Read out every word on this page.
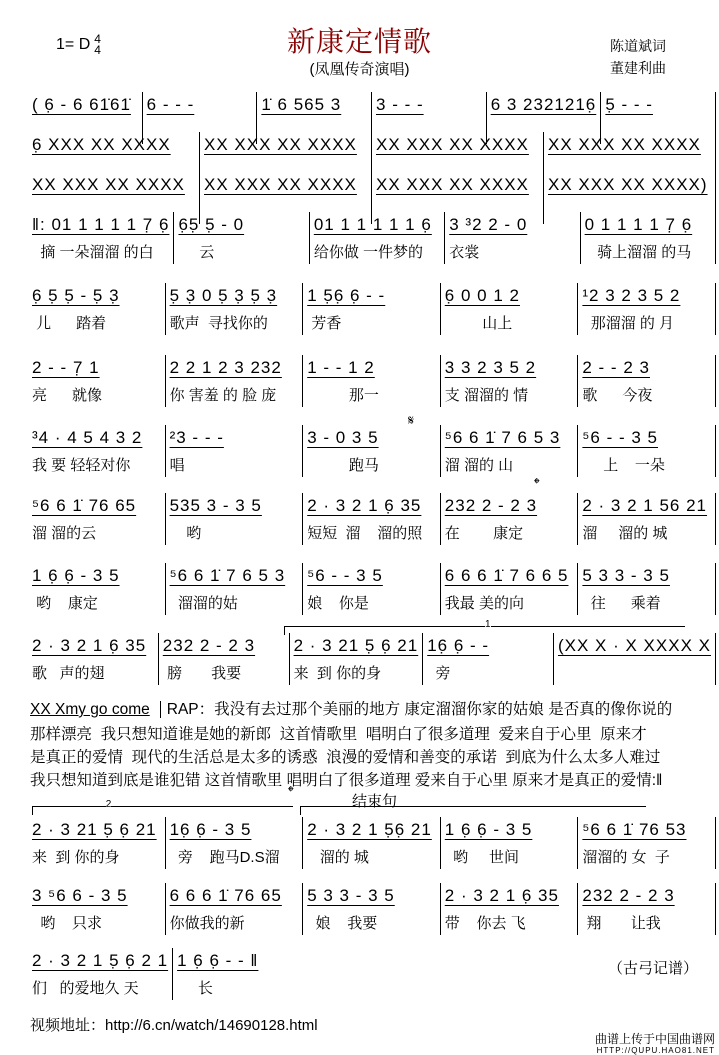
新康定情歌
(凤凰传奇演唱)
1= D 4
4	陈道斌词
董建利曲
( 6̣ - 6 61̇61̇ 6 - - -	1̇ 6 565 3	3 - - -	6 3 2321216̣ 5̣ - - -
6̣ XXX XX XXXX	XX XXX XX XXXX	XX XXX XX XXXX	XX XXX XX XXXX
XX XXX XX XXXX	XX XXX XX XXXX	XX XXX XX XXXX	XX XXX XX XXXX)
‖: 01 1 1 1 1 7̣ 6̣
摘 一朵溜溜 的白
6̣5̣ 5̣ - 0
云
01 1 1 1 1 1 6̣
给你做 一件梦的
3 ³2 2 - 0
衣裳
0 1 1 1 1 7̣ 6̣
骑上溜溜 的马
6̣ 5̣ 5̣ - 5̣ 3̣
儿      踏着
5̣ 3̣ 0 5̣ 3̣ 5̣ 3̣
歌声  寻找你的
1 5̣6̣ 6̣ - -
芳香
6̣ 0 0 1 2
山上
¹2 3 2 3 5 2
那溜溜 的 月
2 - - 7̣ 1
亮      就像
2 2 1 2 3 232
你 害羞 的 脸 庞
1 - - 1 2
那一
3 3 2 3 5 2
支 溜溜的 情
2 - - 2 3
歌      今夜
³4 · 4 5 4 3 2
我 要 轻轻对你
²3 - - -
唱
3 - 0 3 5
跑马
⁵6 6 1̇ 7 6 5 3
溜 溜的 山
⁵6 - - 3 5
上    一朵
⁵6 6 1̇ 76 65
溜 溜的云
535 3 - 3 5
哟
2 · 3 2 1 6̣ 35
短短  溜    溜的照
232 2 - 2 3
在        康定
2 · 3 2 1 56 21
溜     溜的 城
1 6̣ 6̣ - 3 5
哟    康定
⁵6 6 1̇ 7 6 5 3
溜溜的姑
⁵6 - - 3 5
娘    你是
6 6 6 1̇ 7 6 6 5
我最 美的向
5 3 3 - 3 5
往      乘着
2 · 3 2 1 6̣ 35
歌   声的翅
232 2 - 2 3
膀       我要
2 · 3 21 5̣ 6̣ 21
来  到 你的身
16̣ 6̣ - -
旁
(XX X · X XXXX X
2 · 3 21 5̣ 6̣ 21
来  到 你的身
16̣ 6̣ - 3 5
旁    跑马D.S溜
2 · 3 2 1 5̣6̣ 21
溜的 城
1 6̣ 6̣ - 3 5
哟     世间
⁵6 6 1̇ 76 53
溜溜的 女  子
3 ⁵6 6 - 3 5
哟    只求
6 6 6 1̇ 76 65
你做我的新
5 3 3 - 3 5
娘    我要
2 · 3 2 1 6̣ 35
带    你去 飞
232 2 - 2 3
翔       让我
2 · 3 2 1 5̣ 6̣ 2 1
们   的爱地久 天
1 6̣ 6̣ - - ‖
长
𝄋
𝄌
𝄌
1
2	结束句
XX Xmy go come RAP：我没有去过那个美丽的地方 康定溜溜你家的姑娘 是否真的像你说的
那样漂亮  我只想知道谁是她的新郎  这首情歌里  唱明白了很多道理  爱来自于心里  原来才
是真正的爱情  现代的生活总是太多的诱惑  浪漫的爱情和善变的承诺  到底为什么太多人难过
我只想知道到底是谁犯错 这首情歌里 唱明白了很多道理 爱来自于心里 原来才是真正的爱情:‖
（古弓记谱）
视频地址：http://6.cn/watch/14690128.html
曲谱上传于中国曲谱网
HTTP://QUPU.HAO81.NET
